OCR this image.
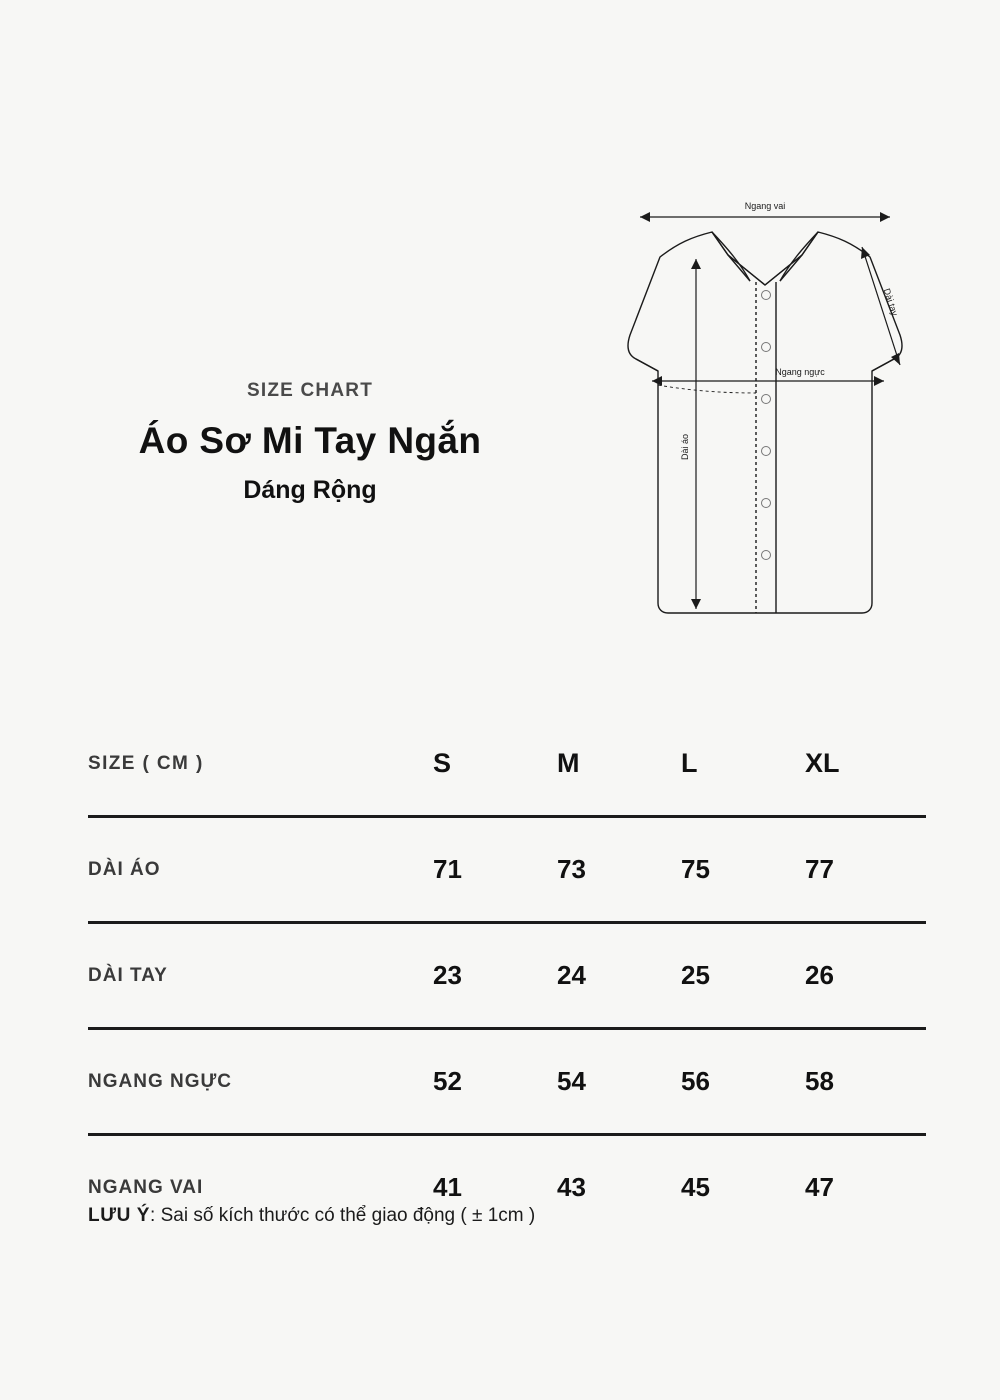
SIZE CHART

Áo Sơ Mi Tay Ngắn
Dáng Rộng
Ngang vai
Ngang ngực
Dài áo
Dài tay
SIZE ( CM )	S	M	L	XL
DÀI ÁO	71	73	75	77
DÀI TAY	23	24	25	26
NGANG NGỰC	52	54	56	58
NGANG VAI	41	43	45	47
LƯU Ý: Sai số kích thước có thể giao động ( ± 1cm )
